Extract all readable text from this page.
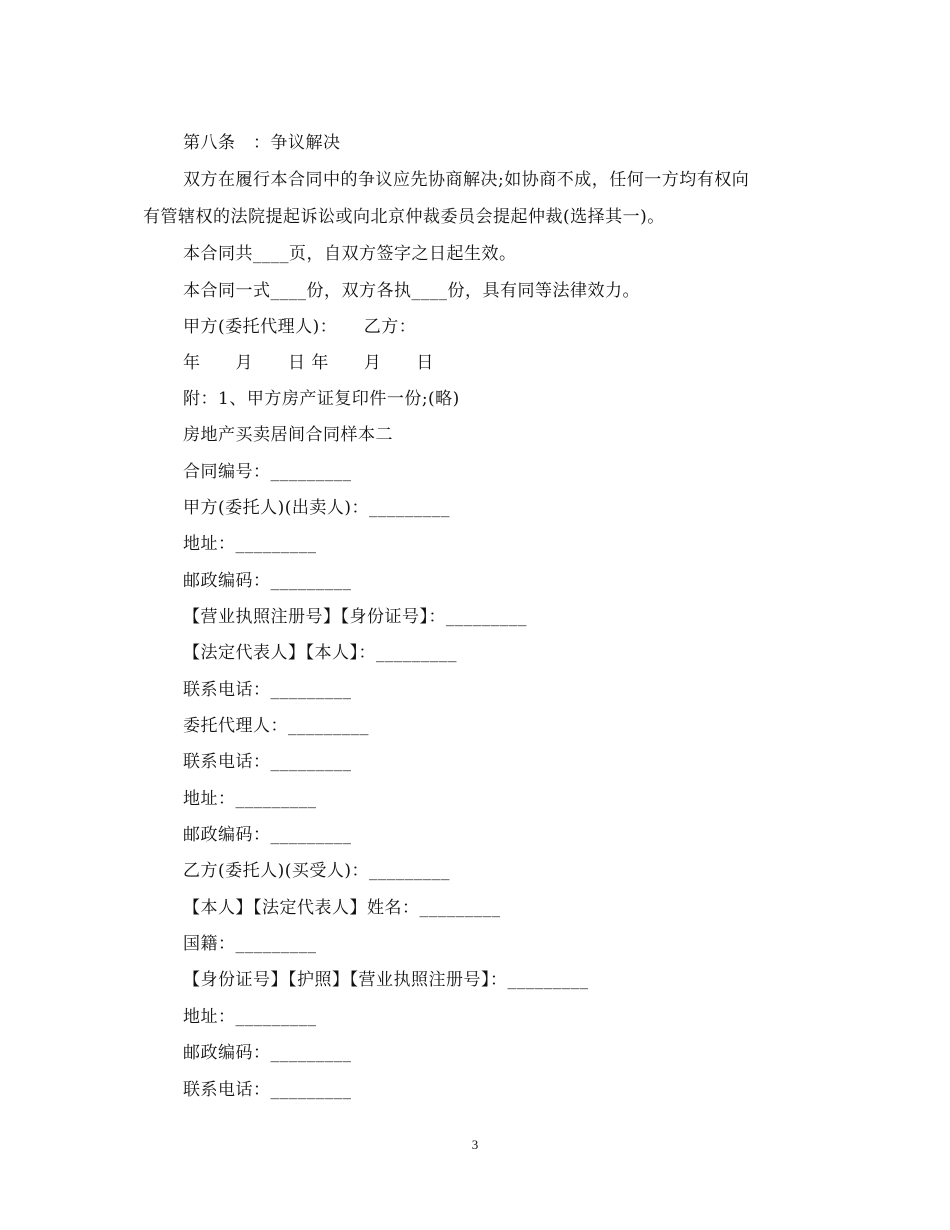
第八条　：争议解决
双方在履行本合同中的争议应先协商解决;如协商不成，任何一方均有权向
有管辖权的法院提起诉讼或向北京仲裁委员会提起仲裁(选择其一)。
本合同共____页，自双方签字之日起生效。
本合同一式____份，双方各执____份，具有同等法律效力。
甲方(委托代理人)：　　乙方：
年　　月　　日 年　　月　　日
附：1、甲方房产证复印件一份;(略)
房地产买卖居间合同样本二
合同编号：_________
甲方(委托人)(出卖人)：_________
地址：_________
邮政编码：_________
【营业执照注册号】【身份证号】：_________
【法定代表人】【本人】：_________
联系电话：_________
委托代理人：_________
联系电话：_________
地址：_________
邮政编码：_________
乙方(委托人)(买受人)：_________
【本人】【法定代表人】姓名：_________
国籍：_________
【身份证号】【护照】【营业执照注册号】：_________
地址：_________
邮政编码：_________
联系电话：_________
3
